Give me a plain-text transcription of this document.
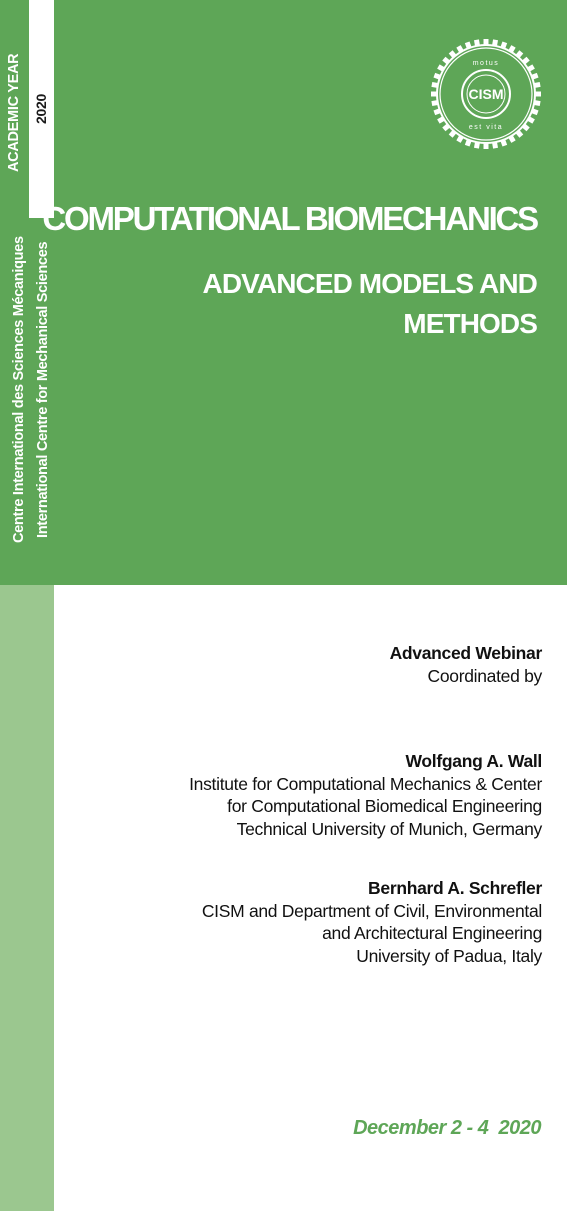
ACADEMIC YEAR 2020
Centre International des Sciences Mécaniques International Centre for Mechanical Sciences
CISM
motus
est vita
COMPUTATIONAL BIOMECHANICS
ADVANCED MODELS AND
METHODS
Advanced Webinar
Coordinated by
Wolfgang A. Wall
Institute for Computational Mechanics & Center
for Computational Biomedical Engineering
Technical University of Munich, Germany
Bernhard A. Schrefler
CISM and Department of Civil, Environmental
and Architectural Engineering
University of Padua, Italy
December 2 - 4  2020
